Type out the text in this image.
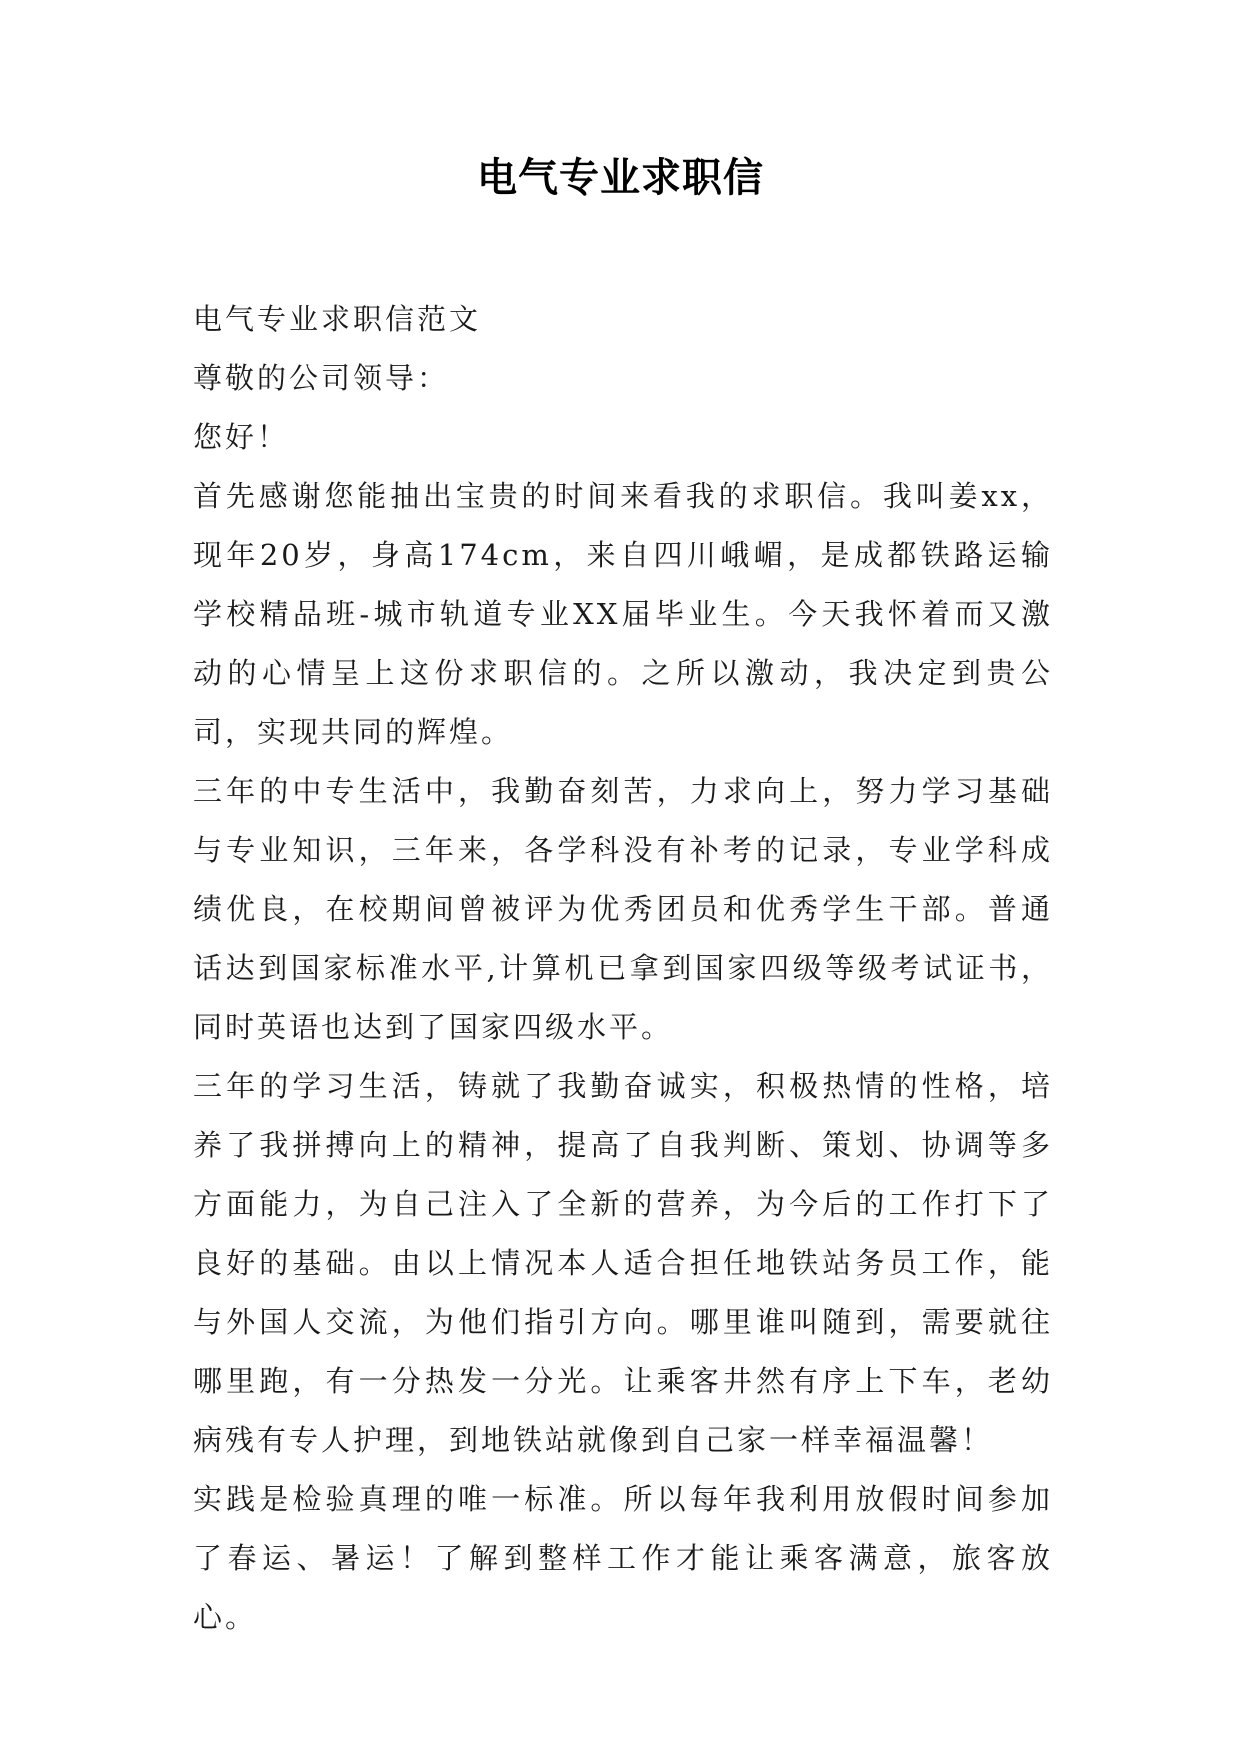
电气专业求职信

电气专业求职信范文

尊敬的公司领导：

您好！

首先感谢您能抽出宝贵的时间来看我的求职信。我叫姜xx，现年20岁，身高174cm，来自四川峨嵋，是成都铁路运输学校精品班-城市轨道专业XX届毕业生。今天我怀着而又激动的心情呈上这份求职信的。之所以激动，我决定到贵公司，实现共同的辉煌。

三年的中专生活中，我勤奋刻苦，力求向上，努力学习基础与专业知识，三年来，各学科没有补考的记录，专业学科成绩优良，在校期间曾被评为优秀团员和优秀学生干部。普通话达到国家标准水平,计算机已拿到国家四级等级考试证书，同时英语也达到了国家四级水平。

三年的学习生活，铸就了我勤奋诚实，积极热情的性格，培养了我拼搏向上的精神，提高了自我判断、策划、协调等多方面能力，为自己注入了全新的营养，为今后的工作打下了良好的基础。由以上情况本人适合担任地铁站务员工作，能与外国人交流，为他们指引方向。哪里谁叫随到，需要就往哪里跑，有一分热发一分光。让乘客井然有序上下车，老幼病残有专人护理，到地铁站就像到自己家一样幸福温馨！

实践是检验真理的唯一标准。所以每年我利用放假时间参加了春运、暑运！了解到整样工作才能让乘客满意，旅客放心。
